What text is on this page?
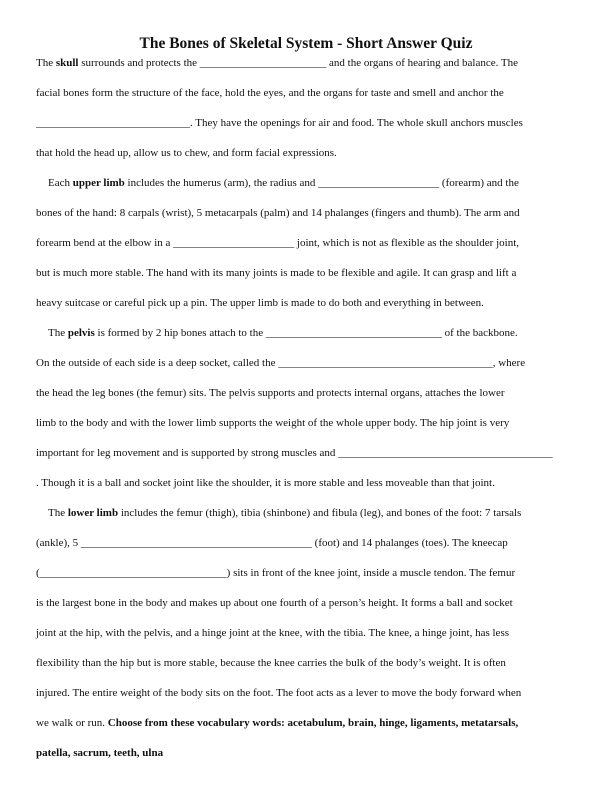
The Bones of Skeletal System - Short Answer Quiz
The skull surrounds and protects the _______________________ and the organs of hearing and balance. The
facial bones form the structure of the face, hold the eyes, and the organs for taste and smell and anchor the
____________________________. They have the openings for air and food. The whole skull anchors muscles
that hold the head up, allow us to chew, and form facial expressions.
Each upper limb includes the humerus (arm), the radius and ______________________ (forearm) and the
bones of the hand: 8 carpals (wrist), 5 metacarpals (palm) and 14 phalanges (fingers and thumb). The arm and
forearm bend at the elbow in a ______________________ joint, which is not as flexible as the shoulder joint,
but is much more stable. The hand with its many joints is made to be flexible and agile. It can grasp and lift a
heavy suitcase or careful pick up a pin. The upper limb is made to do both and everything in between.
The pelvis is formed by 2 hip bones attach to the ________________________________ of the backbone.
On the outside of each side is a deep socket, called the _______________________________________, where
the head the leg bones (the femur) sits. The pelvis supports and protects internal organs, attaches the lower
limb to the body and with the lower limb supports the weight of the whole upper body. The hip joint is very
important for leg movement and is supported by strong muscles and _______________________________________
. Though it is a ball and socket joint like the shoulder, it is more stable and less moveable than that joint.
The lower limb includes the femur (thigh), tibia (shinbone) and fibula (leg), and bones of the foot: 7 tarsals
(ankle), 5 __________________________________________ (foot) and 14 phalanges (toes). The kneecap
(__________________________________) sits in front of the knee joint, inside a muscle tendon. The femur
is the largest bone in the body and makes up about one fourth of a person’s height. It forms a ball and socket
joint at the hip, with the pelvis, and a hinge joint at the knee, with the tibia. The knee, a hinge joint, has less
flexibility than the hip but is more stable, because the knee carries the bulk of the body’s weight. It is often
injured. The entire weight of the body sits on the foot. The foot acts as a lever to move the body forward when
we walk or run. Choose from these vocabulary words: acetabulum, brain, hinge, ligaments, metatarsals,
patella, sacrum, teeth, ulna
